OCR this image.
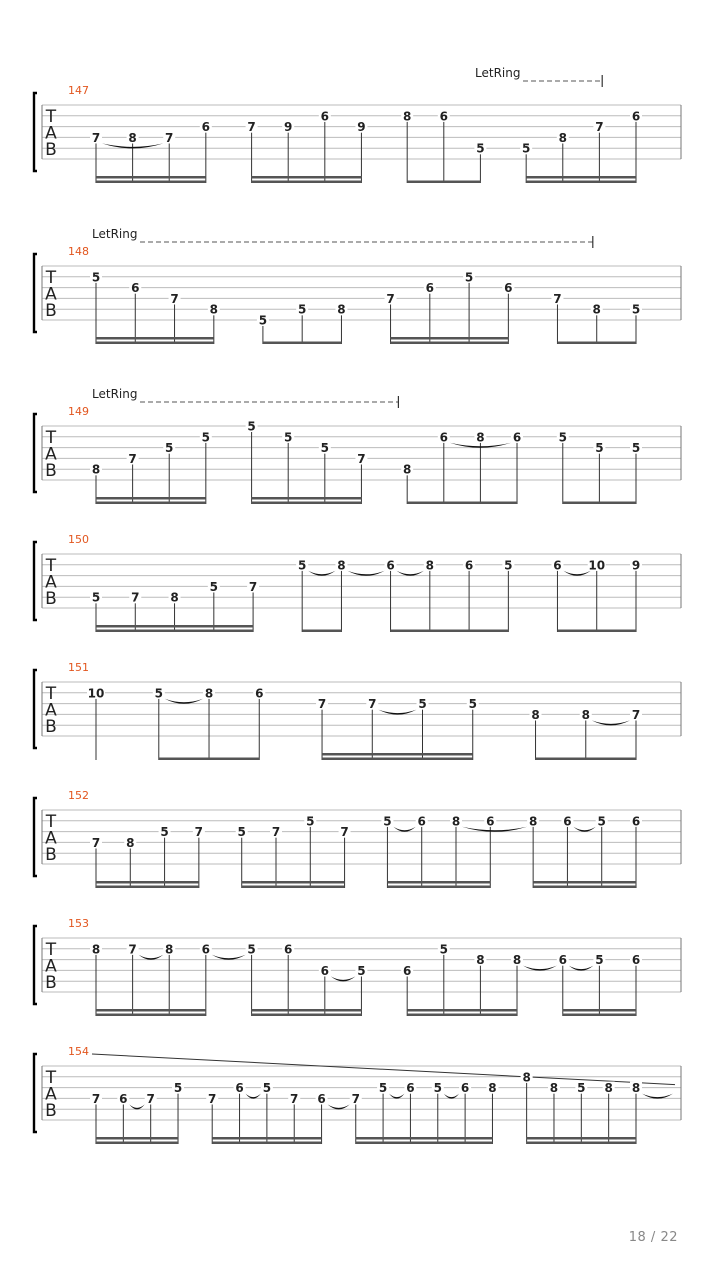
T
A
B
147
LetRing
7 8 7
6	7 9
6
9
8 6
5	5
8
7
6
T
A
B
148
LetRing
5
6
7
8
5
5	8
7
6
5
6
7
8	5
T
A
B
149
LetRing
8
7
5
5
5
5
5
7
8
6 8 6	5
5 5
T
A
B
150
5	7	8
5	7
5	8	6	8	6	5	6 10 9
T
A
B
151
10	5	8	6
7	7	5	5
8	8	7
T
A
B
152
7 8
5 7	5 7
5
7
5 6 8 6	8 6 5 6
T
A
B
153
8 7 8 6	5 6
6 5	6
5
8 8	6 5 6
T
A
B
154
7 6 7
5
7
6 5
7 6 7
5 6 5 6 8
8
8 5 8 8
18 / 22
